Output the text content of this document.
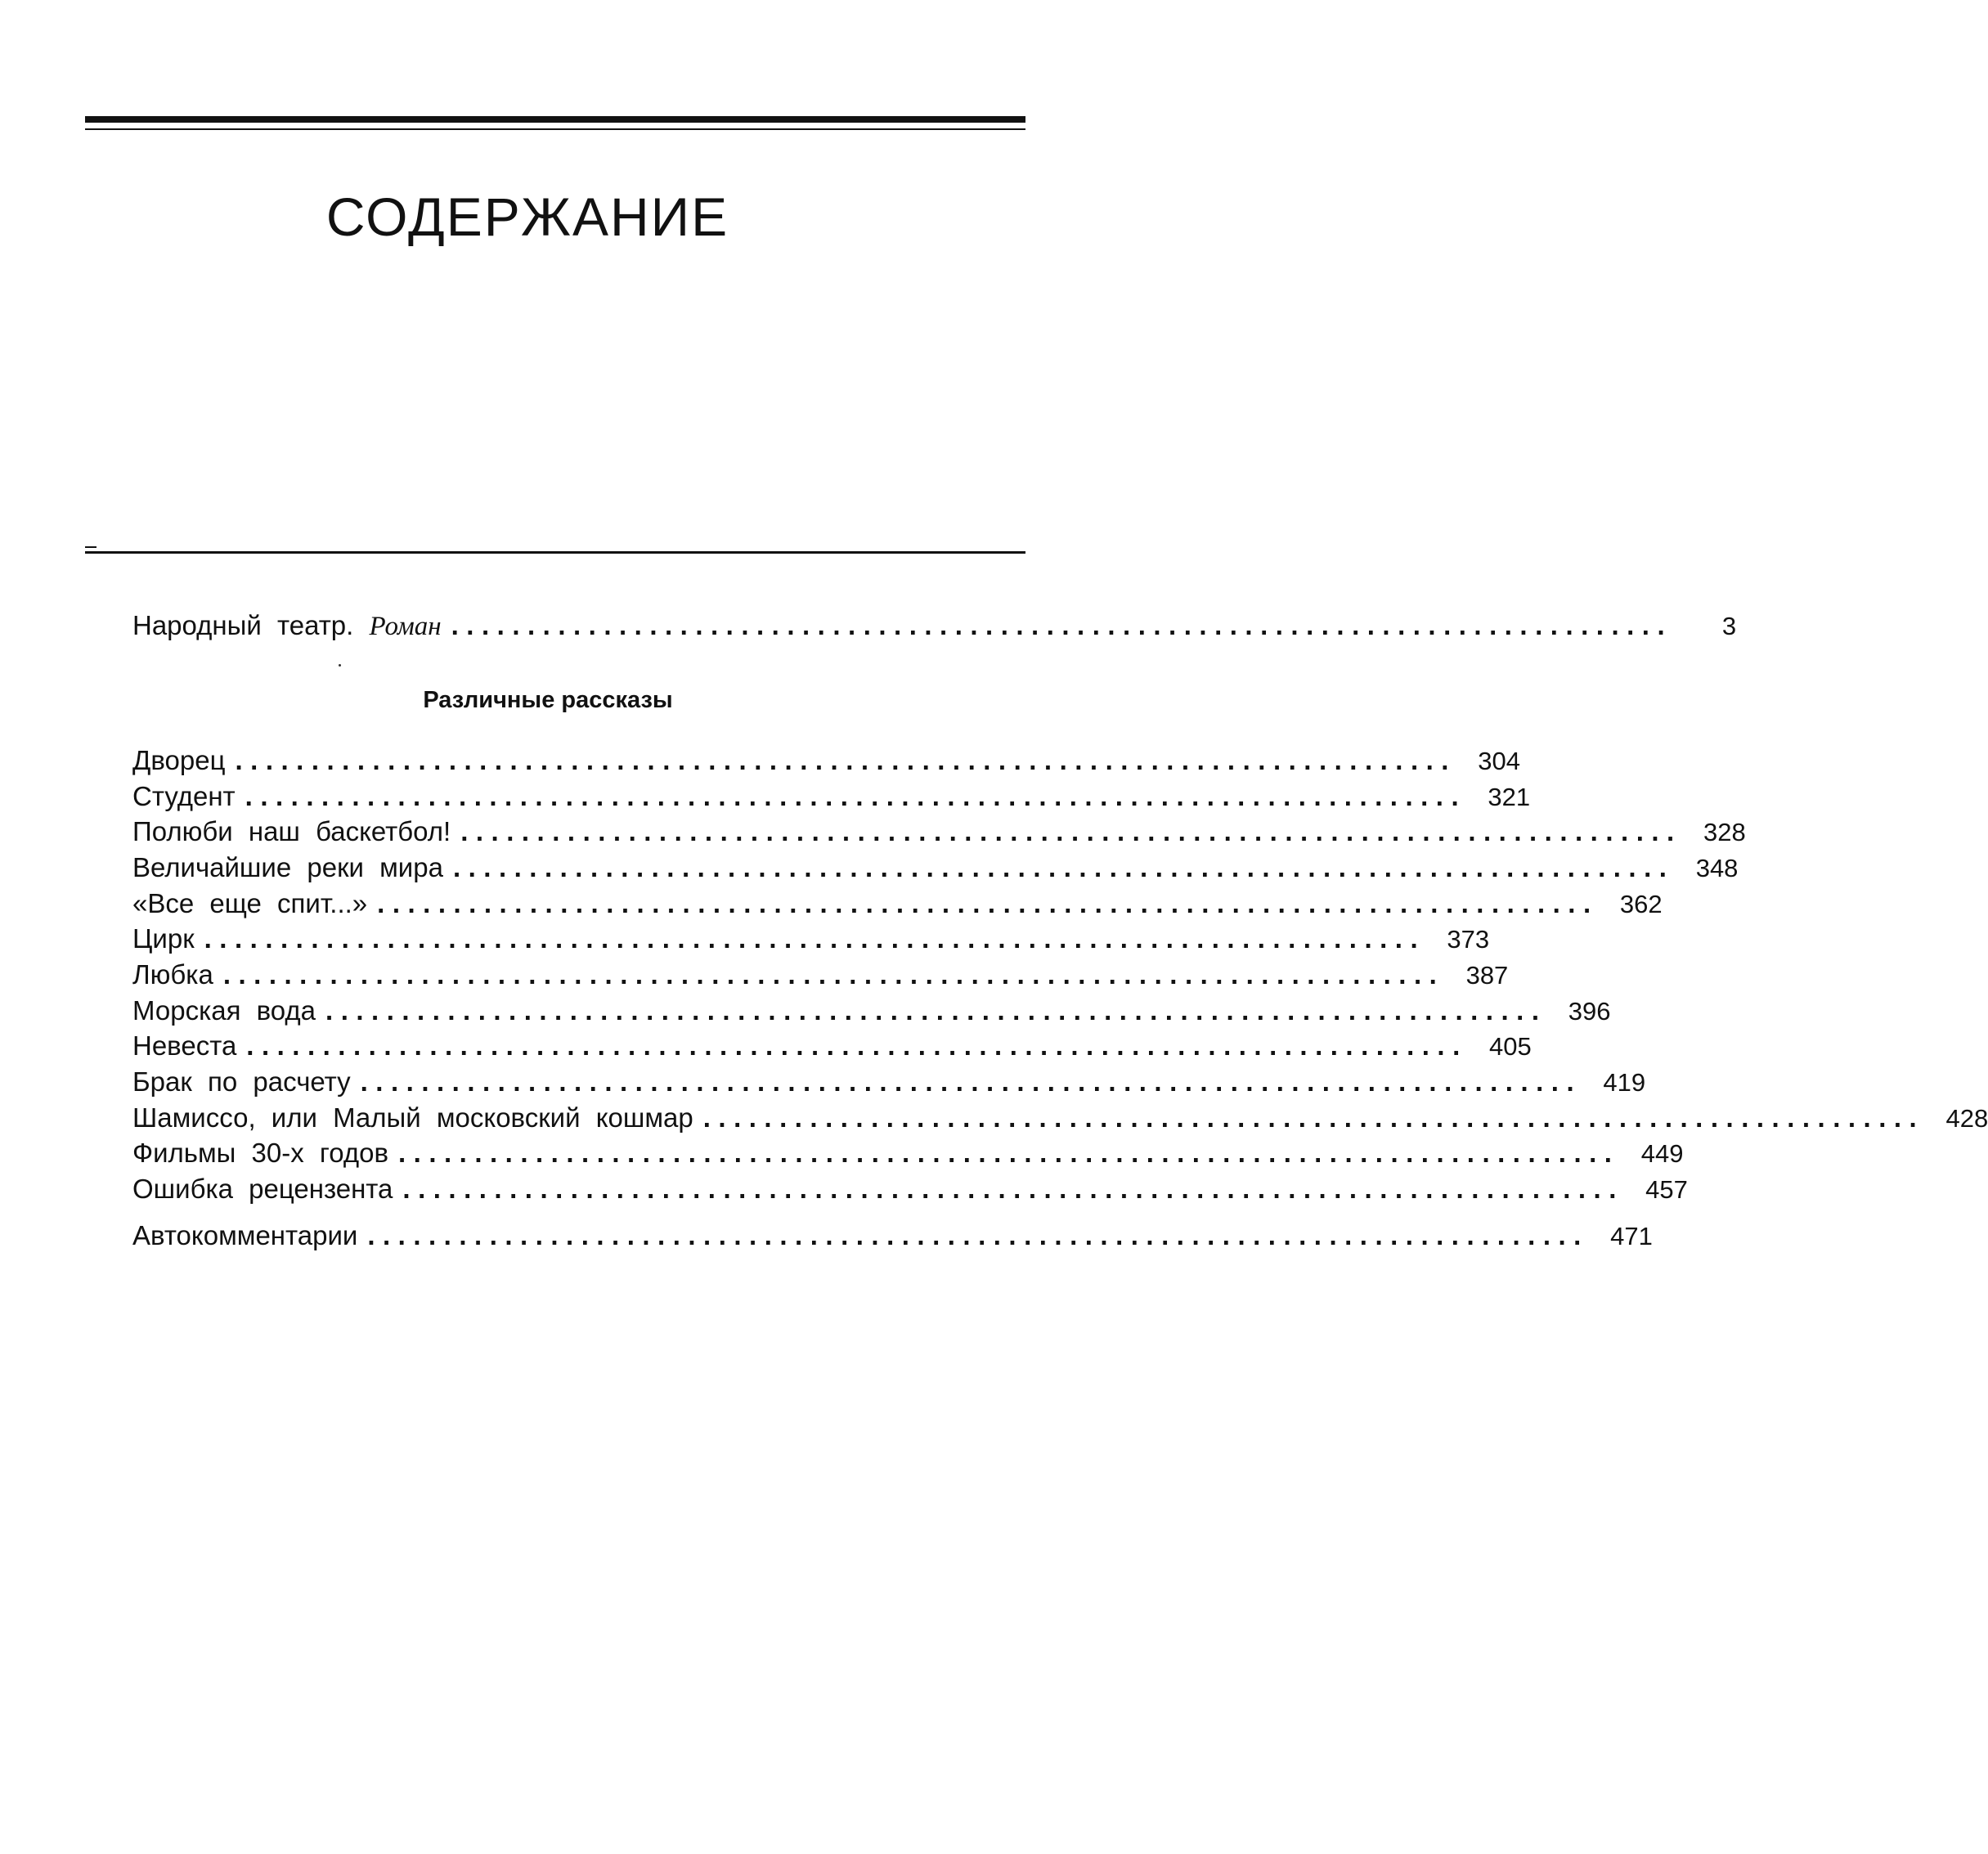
СОДЕРЖАНИЕ
Народный театр. Роман ................................................................................	3
Различные рассказы
Дворец ................................................................................ 304
Студент ................................................................................ 321
Полюби наш баскетбол! ................................................................................ 328
Величайшие реки мира ................................................................................ 348
«Все еще спит...» ................................................................................ 362
Цирк ................................................................................ 373
Любка ................................................................................ 387
Морская вода ................................................................................ 396
Невеста ................................................................................ 405
Брак по расчету ................................................................................ 419
Шамиссо, или Малый московский кошмар ................................................................................ 428
Фильмы 30-х годов ................................................................................ 449
Ошибка рецензента ................................................................................ 457
Автокомментарии ................................................................................ 471
